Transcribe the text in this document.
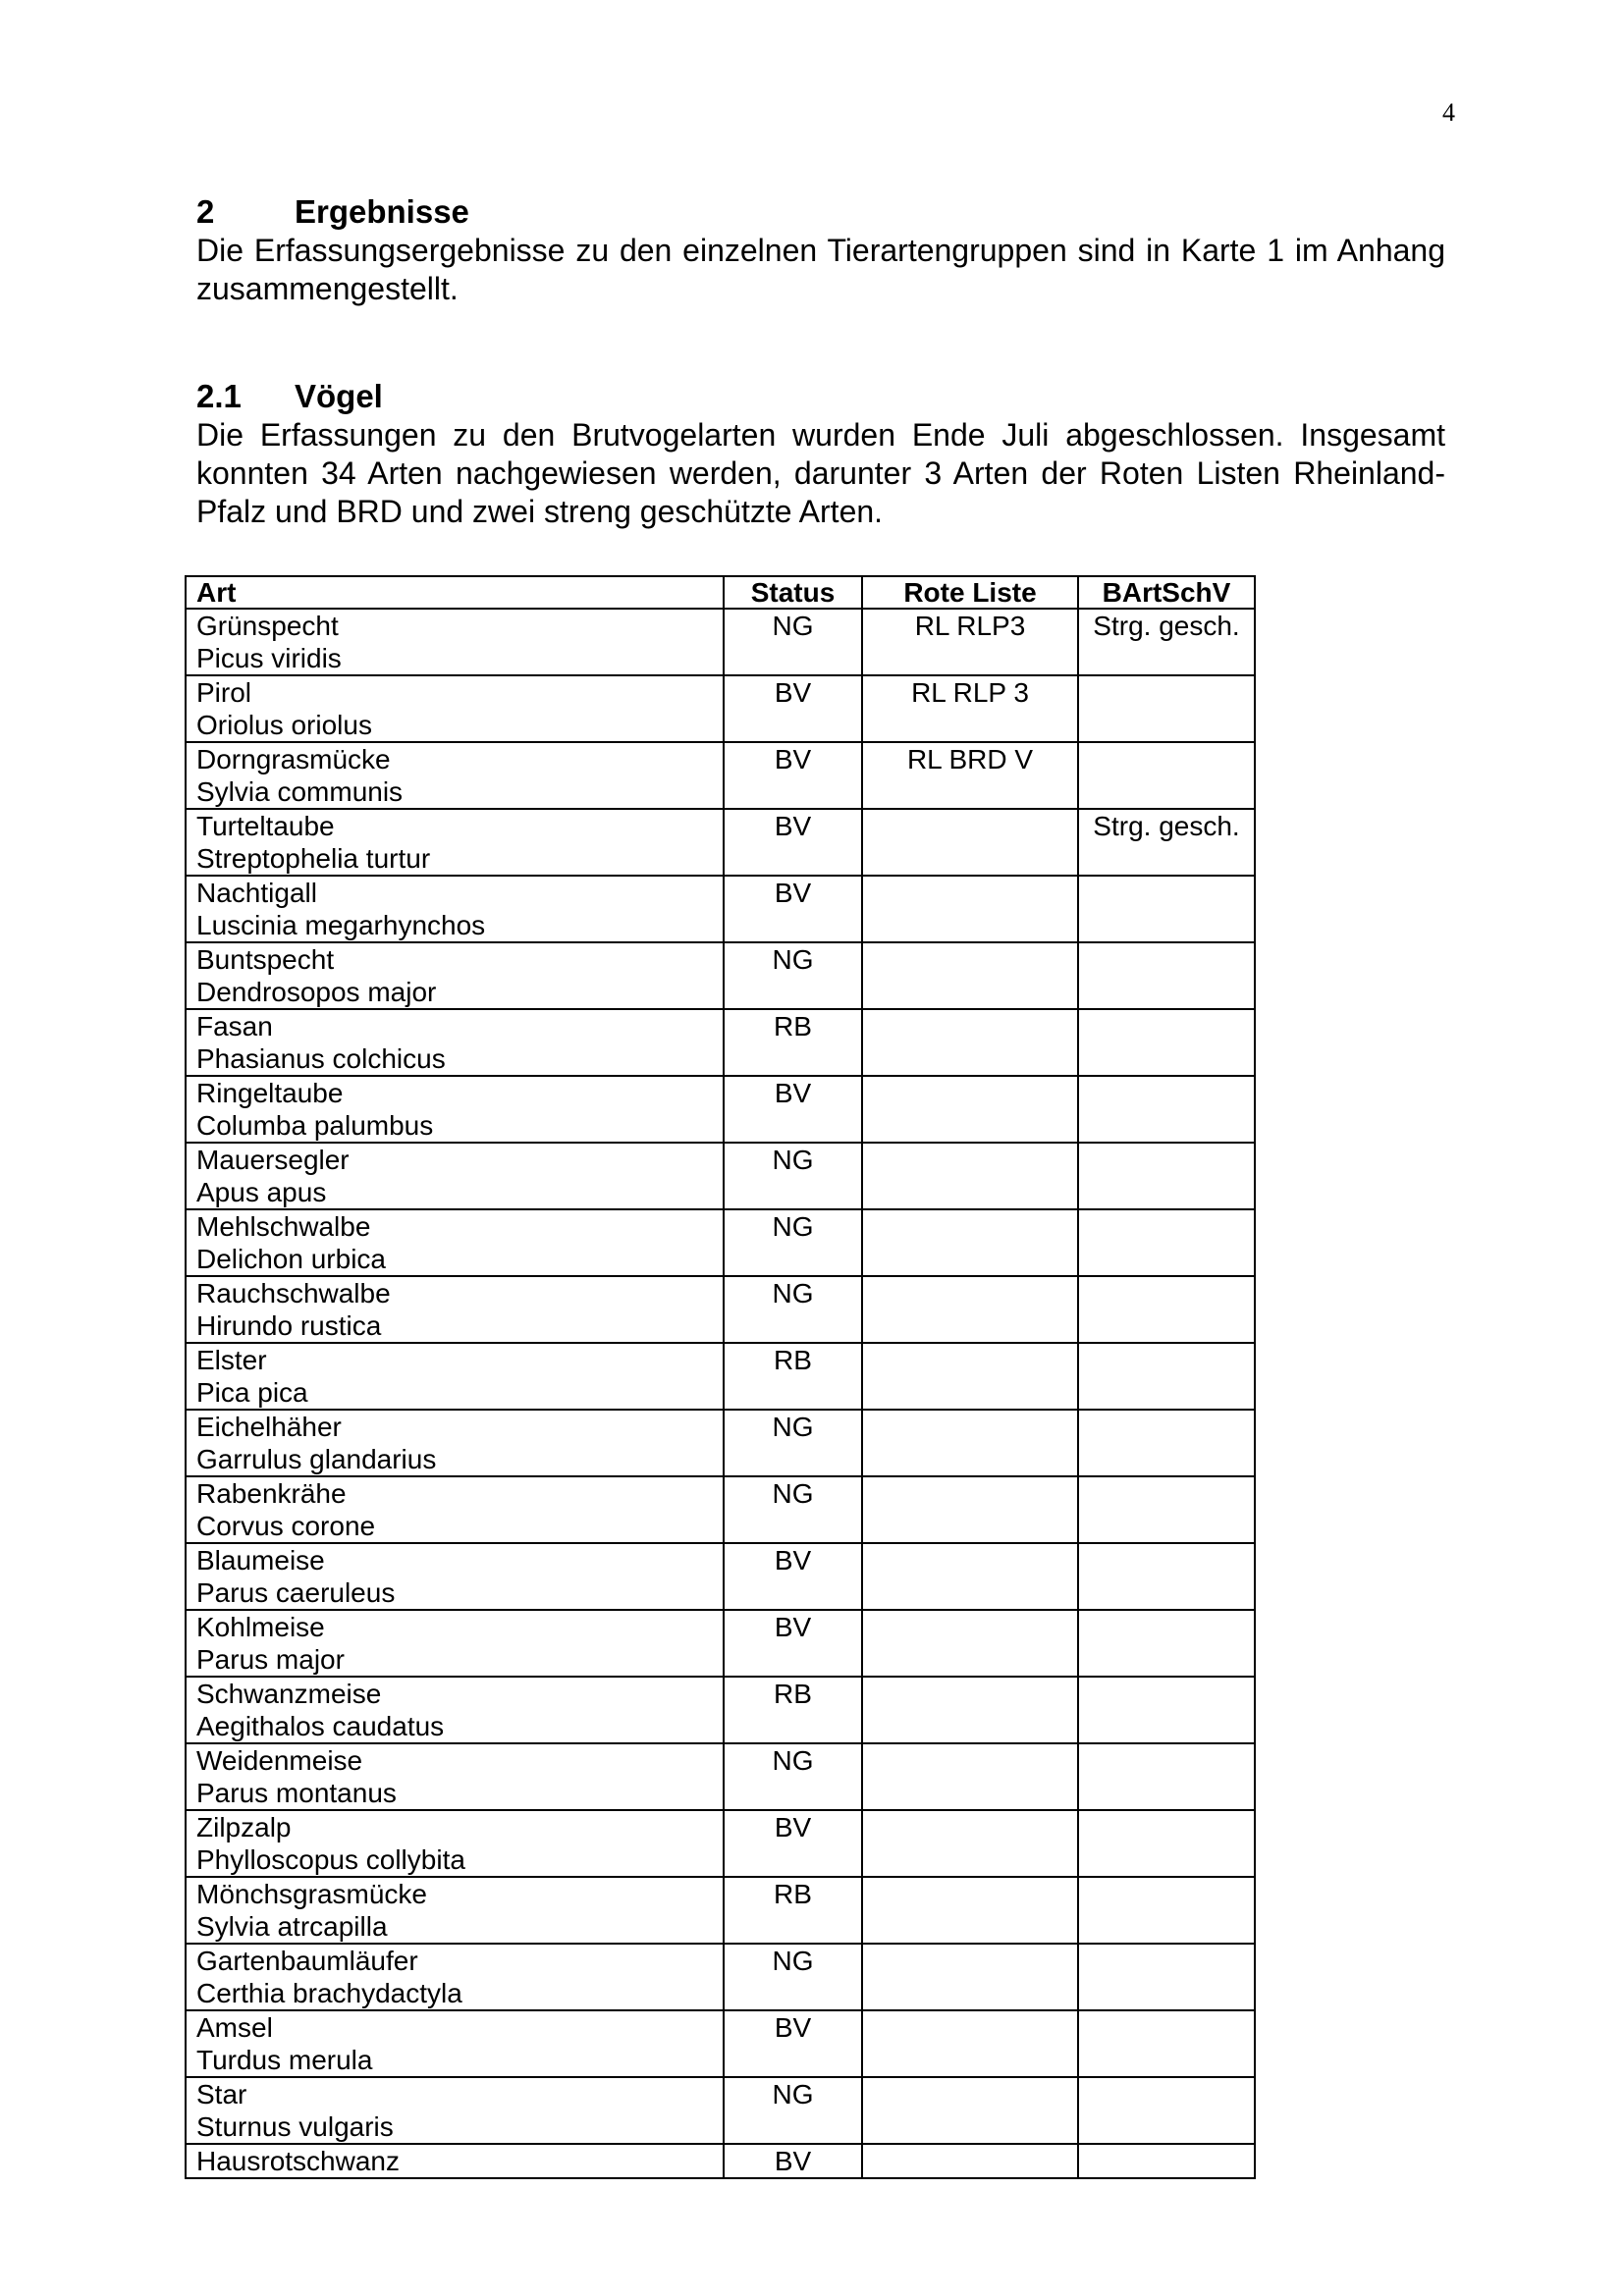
4
2 Ergebnisse

Die Erfassungsergebnisse zu den einzelnen Tierartengruppen sind in Karte 1 im Anhang zusammengestellt.

2.1 Vögel

Die Erfassungen zu den Brutvogelarten wurden Ende Juli abgeschlossen. Insgesamt konnten 34 Arten nachgewiesen werden, darunter 3 Arten der Roten Listen Rheinland-Pfalz und BRD und zwei streng geschützte Arten.

Art	Status	Rote Liste	BArtSchV

Grünspecht
Picus viridis	NG	RL RLP3	Strg. gesch.

Pirol
Oriolus oriolus	BV	RL RLP 3	

Dorngrasmücke
Sylvia communis	BV	RL BRD V	

Turteltaube
Streptophelia turtur	BV		Strg. gesch.

Nachtigall
Luscinia megarhynchos	BV		

Buntspecht
Dendrosopos major	NG		

Fasan
Phasianus colchicus	RB		

Ringeltaube
Columba palumbus	BV		

Mauersegler
Apus apus	NG		

Mehlschwalbe
Delichon urbica	NG		

Rauchschwalbe
Hirundo rustica	NG		

Elster
Pica pica	RB		

Eichelhäher
Garrulus glandarius	NG		

Rabenkrähe
Corvus corone	NG		

Blaumeise
Parus caeruleus	BV		

Kohlmeise
Parus major	BV		

Schwanzmeise
Aegithalos caudatus	RB		

Weidenmeise
Parus montanus	NG		

Zilpzalp
Phylloscopus collybita	BV		

Mönchsgrasmücke
Sylvia atrcapilla	RB		

Gartenbaumläufer
Certhia brachydactyla	NG		

Amsel
Turdus merula	BV		

Star
Sturnus vulgaris	NG		

Hausrotschwanz	BV		
